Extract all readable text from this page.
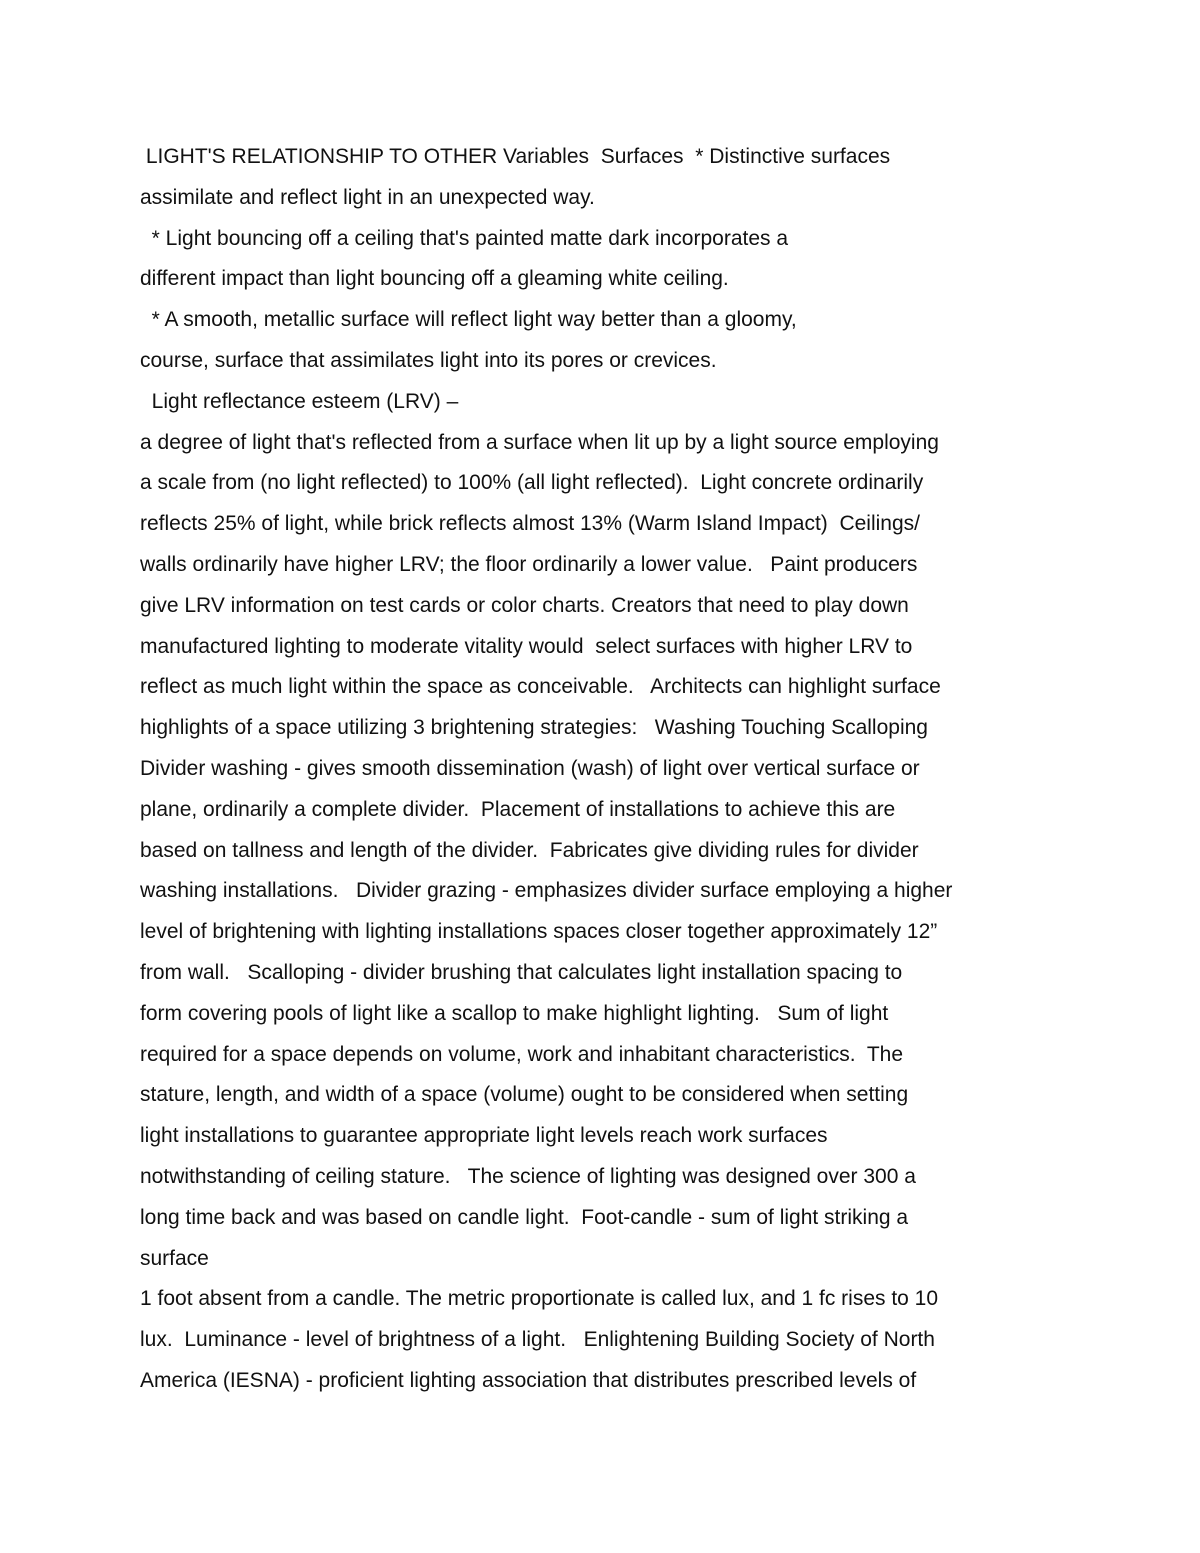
LIGHT'S RELATIONSHIP TO OTHER Variables  Surfaces  * Distinctive surfaces
assimilate and reflect light in an unexpected way.
* Light bouncing off a ceiling that's painted matte dark incorporates a
different impact than light bouncing off a gleaming white ceiling.
* A smooth, metallic surface will reflect light way better than a gloomy,
course, surface that assimilates light into its pores or crevices.
Light reflectance esteem (LRV) –
a degree of light that's reflected from a surface when lit up by a light source employing
a scale from (no light reflected) to 100% (all light reflected).  Light concrete ordinarily
reflects 25% of light, while brick reflects almost 13% (Warm Island Impact)  Ceilings/
walls ordinarily have higher LRV; the floor ordinarily a lower value.   Paint producers
give LRV information on test cards or color charts. Creators that need to play down
manufactured lighting to moderate vitality would  select surfaces with higher LRV to
reflect as much light within the space as conceivable.   Architects can highlight surface
highlights of a space utilizing 3 brightening strategies:   Washing Touching Scalloping
Divider washing - gives smooth dissemination (wash) of light over vertical surface or
plane, ordinarily a complete divider.  Placement of installations to achieve this are
based on tallness and length of the divider.  Fabricates give dividing rules for divider
washing installations.   Divider grazing - emphasizes divider surface employing a higher
level of brightening with lighting installations spaces closer together approximately 12”
from wall.   Scalloping - divider brushing that calculates light installation spacing to
form covering pools of light like a scallop to make highlight lighting.   Sum of light
required for a space depends on volume, work and inhabitant characteristics.  The
stature, length, and width of a space (volume) ought to be considered when setting
light installations to guarantee appropriate light levels reach work surfaces
notwithstanding of ceiling stature.   The science of lighting was designed over 300 a
long time back and was based on candle light.  Foot-candle - sum of light striking a
surface
1 foot absent from a candle. The metric proportionate is called lux, and 1 fc rises to 10
lux.  Luminance - level of brightness of a light.   Enlightening Building Society of North
America (IESNA) - proficient lighting association that distributes prescribed levels of
